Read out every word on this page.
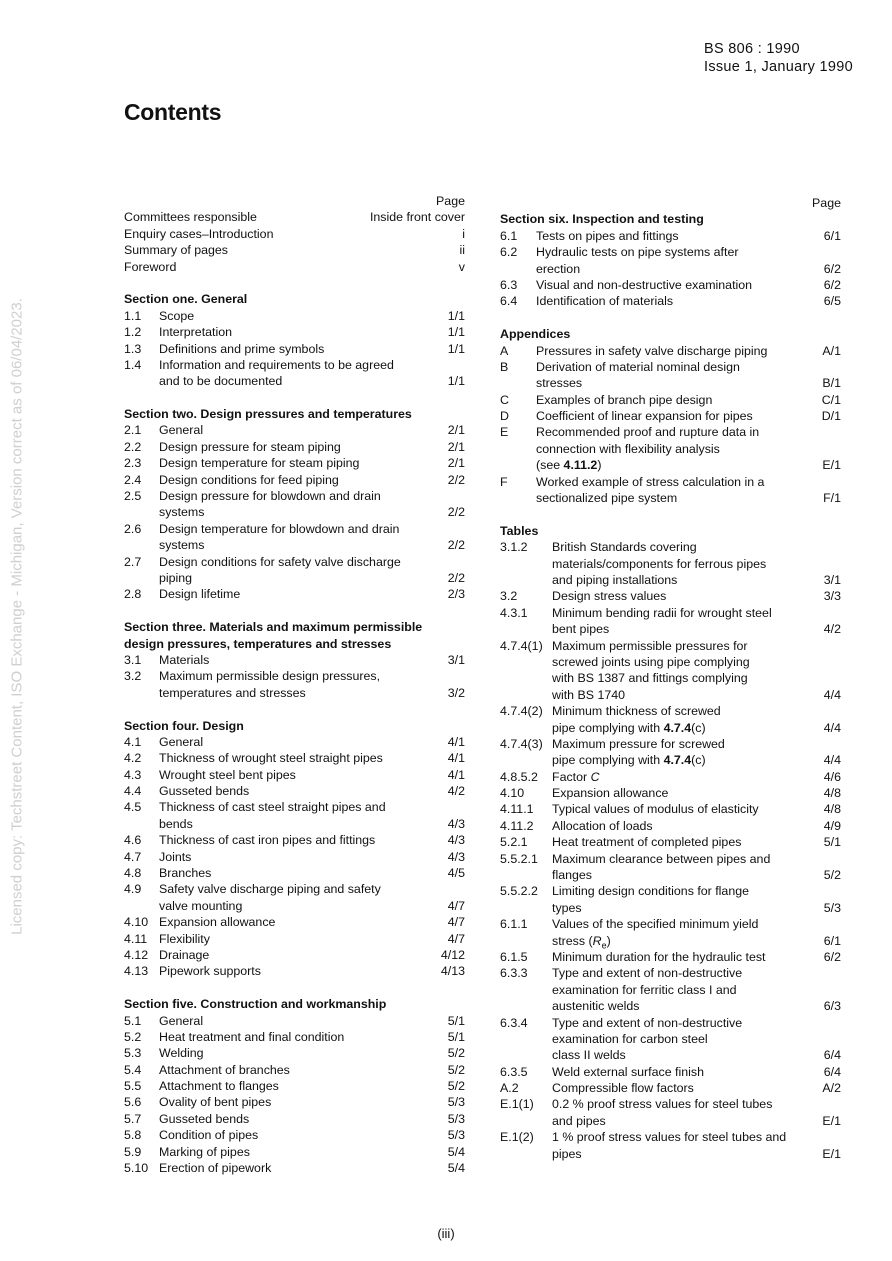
BS 806 : 1990
Issue 1, January 1990
Contents
Licensed copy: Techstreet Content, ISO Exchange - Michigan, Version correct as of 06/04/2023.
Page
Committees responsible	Inside front cover
Enquiry cases–Introduction	i
Summary of pages	ii
Foreword	v
Section one. General
1.1 Scope	1/1
1.2 Interpretation	1/1
1.3 Definitions and prime symbols	1/1
1.4 Information and requirements to be agreed
and to be documented	1/1
Section two. Design pressures and temperatures
2.1 General	2/1
2.2 Design pressure for steam piping	2/1
2.3 Design temperature for steam piping	2/1
2.4 Design conditions for feed piping	2/2
2.5 Design pressure for blowdown and drain
systems	2/2
2.6 Design temperature for blowdown and drain
systems	2/2
2.7 Design conditions for safety valve discharge
piping	2/2
2.8 Design lifetime	2/3
Section three. Materials and maximum permissible
design pressures, temperatures and stresses
3.1 Materials	3/1
3.2 Maximum permissible design pressures,
temperatures and stresses	3/2
Section four. Design
4.1 General	4/1
4.2 Thickness of wrought steel straight pipes	4/1
4.3 Wrought steel bent pipes	4/1
4.4 Gusseted bends	4/2
4.5 Thickness of cast steel straight pipes and
bends	4/3
4.6 Thickness of cast iron pipes and fittings	4/3
4.7 Joints	4/3
4.8 Branches	4/5
4.9 Safety valve discharge piping and safety
valve mounting	4/7
4.10 Expansion allowance	4/7
4.11 Flexibility	4/7
4.12 Drainage	4/12
4.13 Pipework supports	4/13
Section five. Construction and workmanship
5.1 General	5/1
5.2 Heat treatment and final condition	5/1
5.3 Welding	5/2
5.4 Attachment of branches	5/2
5.5 Attachment to flanges	5/2
5.6 Ovality of bent pipes	5/3
5.7 Gusseted bends	5/3
5.8 Condition of pipes	5/3
5.9 Marking of pipes	5/4
5.10 Erection of pipework	5/4
Page
Section six. Inspection and testing
6.1 Tests on pipes and fittings	6/1
6.2 Hydraulic tests on pipe systems after
erection	6/2
6.3 Visual and non-destructive examination	6/2
6.4 Identification of materials	6/5
Appendices
A Pressures in safety valve discharge piping	A/1
B Derivation of material nominal design
stresses	B/1
C Examples of branch pipe design	C/1
D Coefficient of linear expansion for pipes	D/1
E Recommended proof and rupture data in
connection with flexibility analysis
(see 4.11.2)	E/1
F Worked example of stress calculation in a
sectionalized pipe system	F/1
Tables
3.1.2 British Standards covering
materials/components for ferrous pipes
and piping installations	3/1
3.2	Design stress values	3/3
4.3.1 Minimum bending radii for wrought steel
bent pipes	4/2
4.7.4(1) Maximum permissible pressures for
screwed joints using pipe complying
with BS 1387 and fittings complying
with BS 1740	4/4
4.7.4(2) Minimum thickness of screwed
pipe complying with 4.7.4(c)	4/4
4.7.4(3) Maximum pressure for screwed
pipe complying with 4.7.4(c)	4/4
4.8.5.2 Factor C	4/6
4.10 Expansion allowance	4/8
4.11.1 Typical values of modulus of elasticity	4/8
4.11.2 Allocation of loads	4/9
5.2.1 Heat treatment of completed pipes	5/1
5.5.2.1 Maximum clearance between pipes and
flanges	5/2
5.5.2.2 Limiting design conditions for flange
types	5/3
6.1.1 Values of the specified minimum yield
stress $(R_e)$	6/1
6.1.5 Minimum duration for the hydraulic test	6/2
6.3.3 Type and extent of non-destructive
examination for ferritic class I and
austenitic welds	6/3
6.3.4 Type and extent of non-destructive
examination for carbon steel
class II welds	6/4
6.3.5 Weld external surface finish	6/4
A.2	Compressible flow factors	A/2
E.1(1) 0.2 % proof stress values for steel tubes
and pipes	E/1
E.1(2) 1 % proof stress values for steel tubes and
pipes	E/1
(iii)
